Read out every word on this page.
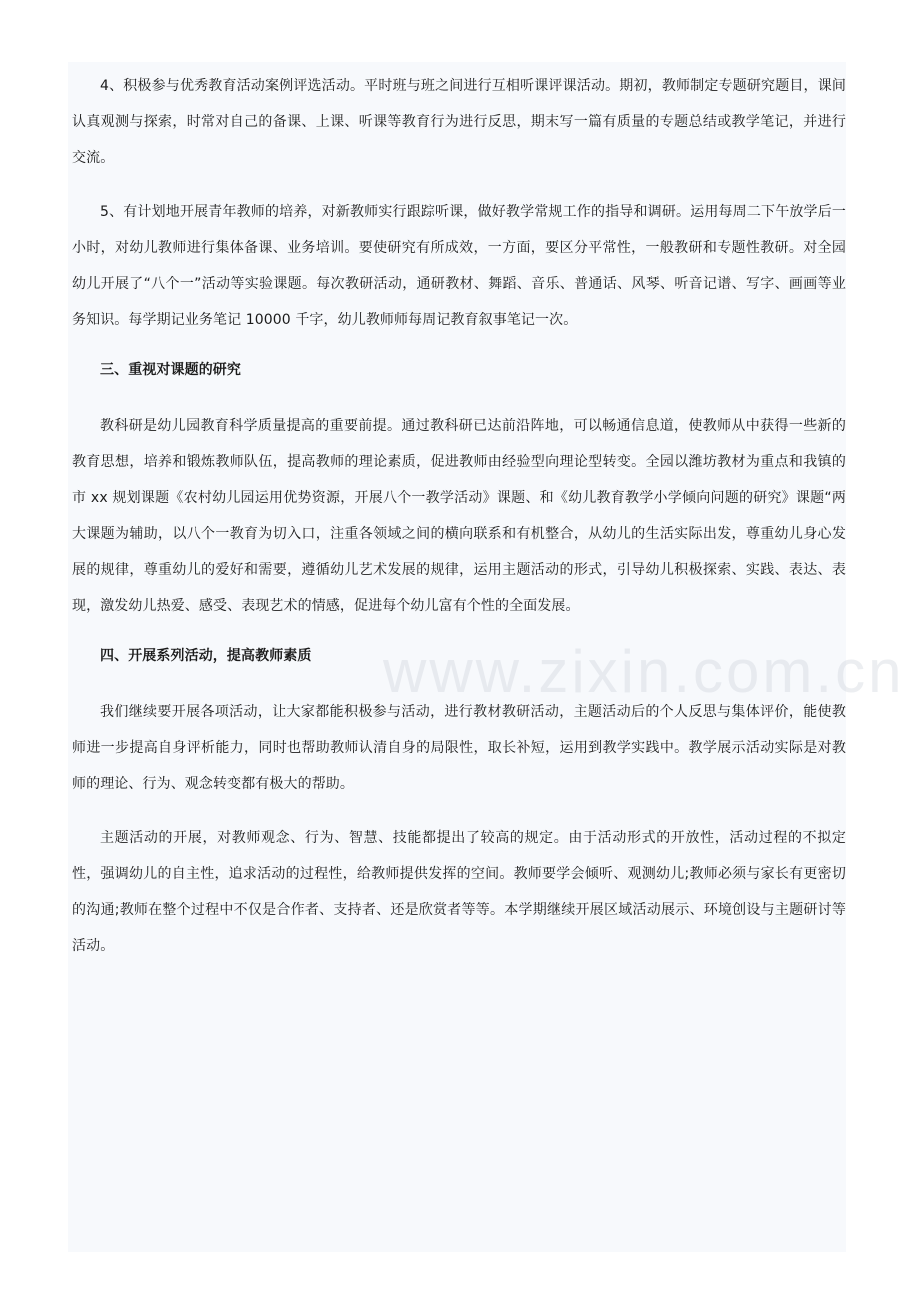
4、积极参与优秀教育活动案例评选活动。平时班与班之间进行互相听课评课活动。期初，教师制定专题研究题目，课间认真观测与探索，时常对自己的备课、上课、听课等教育行为进行反思，期末写一篇有质量的专题总结或教学笔记，并进行交流。

5、有计划地开展青年教师的培养，对新教师实行跟踪听课，做好教学常规工作的指导和调研。运用每周二下午放学后一小时，对幼儿教师进行集体备课、业务培训。要使研究有所成效，一方面，要区分平常性，一般教研和专题性教研。对全园幼儿开展了“八个一”活动等实验课题。每次教研活动，通研教材、舞蹈、音乐、普通话、风琴、听音记谱、写字、画画等业务知识。每学期记业务笔记 10000 千字，幼儿教师师每周记教育叙事笔记一次。

三、重视对课题的研究

教科研是幼儿园教育科学质量提高的重要前提。通过教科研已达前沿阵地，可以畅通信息道，使教师从中获得一些新的教育思想，培养和锻炼教师队伍，提高教师的理论素质，促进教师由经验型向理论型转变。全园以潍坊教材为重点和我镇的市 xx 规划课题《农村幼儿园运用优势资源，开展八个一教学活动》课题、和《幼儿教育教学小学倾向问题的研究》课题“两大课题为辅助，以八个一教育为切入口，注重各领域之间的横向联系和有机整合，从幼儿的生活实际出发，尊重幼儿身心发展的规律，尊重幼儿的爱好和需要，遵循幼儿艺术发展的规律，运用主题活动的形式，引导幼儿积极探索、实践、表达、表现，激发幼儿热爱、感受、表现艺术的情感，促进每个幼儿富有个性的全面发展。

四、开展系列活动，提高教师素质

我们继续要开展各项活动，让大家都能积极参与活动，进行教材教研活动，主题活动后的个人反思与集体评价，能使教师进一步提高自身评析能力，同时也帮助教师认清自身的局限性，取长补短，运用到教学实践中。教学展示活动实际是对教师的理论、行为、观念转变都有极大的帮助。

主题活动的开展，对教师观念、行为、智慧、技能都提出了较高的规定。由于活动形式的开放性，活动过程的不拟定性，强调幼儿的自主性，追求活动的过程性，给教师提供发挥的空间。教师要学会倾听、观测幼儿;教师必须与家长有更密切的沟通;教师在整个过程中不仅是合作者、支持者、还是欣赏者等等。本学期继续开展区域活动展示、环境创设与主题研讨等活动。

www.zixin.com.cn
